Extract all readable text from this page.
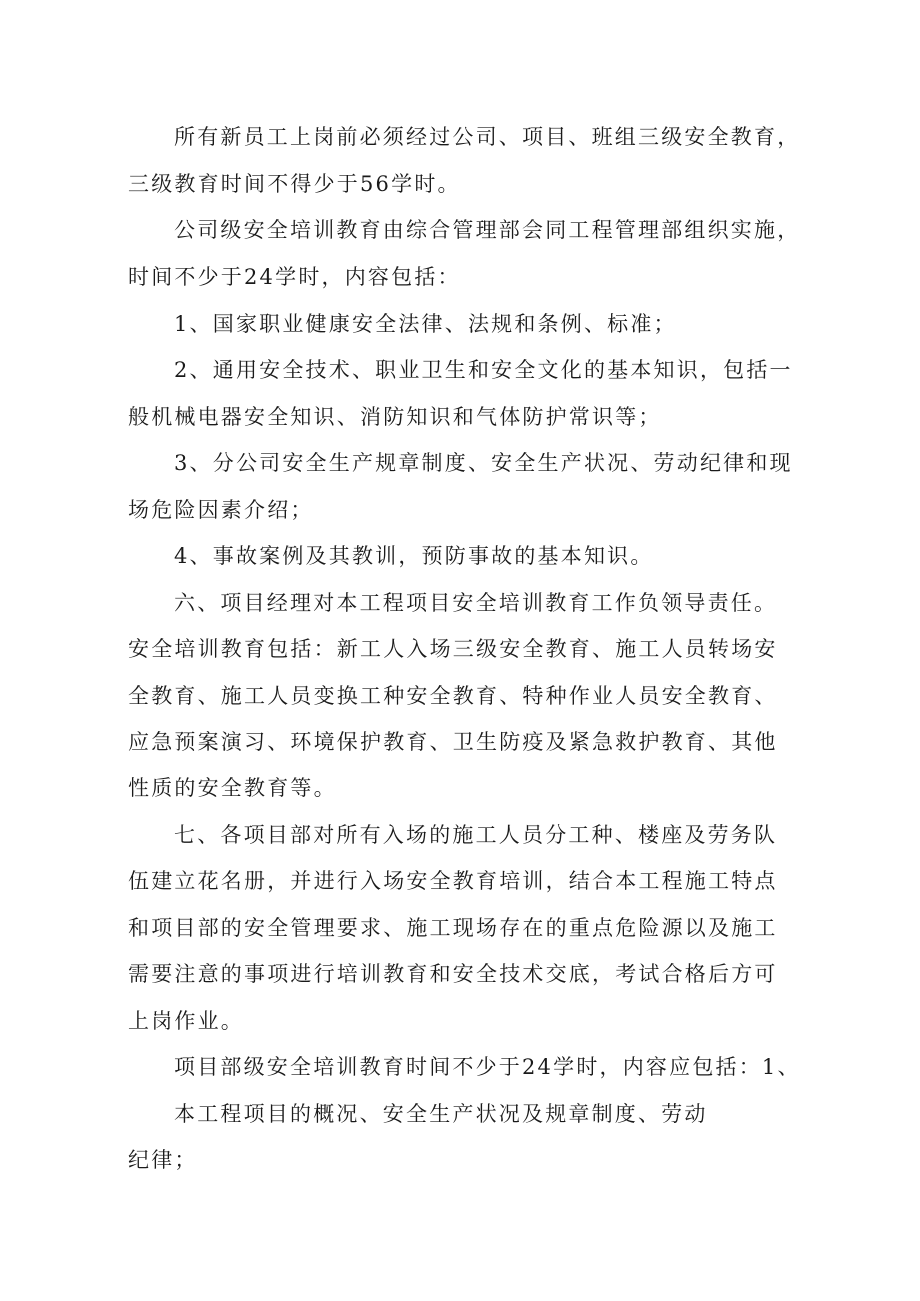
所有新员工上岗前必须经过公司、项目、班组三级安全教育，
三级教育时间不得少于56学时。
公司级安全培训教育由综合管理部会同工程管理部组织实施，
时间不少于24学时，内容包括：
1、国家职业健康安全法律、法规和条例、标准；
2、通用安全技术、职业卫生和安全文化的基本知识，包括一
般机械电器安全知识、消防知识和气体防护常识等；
3、分公司安全生产规章制度、安全生产状况、劳动纪律和现
场危险因素介绍；
4、事故案例及其教训，预防事故的基本知识。
六、项目经理对本工程项目安全培训教育工作负领导责任。
安全培训教育包括：新工人入场三级安全教育、施工人员转场安
全教育、施工人员变换工种安全教育、特种作业人员安全教育、
应急预案演习、环境保护教育、卫生防疫及紧急救护教育、其他
性质的安全教育等。
七、各项目部对所有入场的施工人员分工种、楼座及劳务队
伍建立花名册，并进行入场安全教育培训，结合本工程施工特点
和项目部的安全管理要求、施工现场存在的重点危险源以及施工
需要注意的事项进行培训教育和安全技术交底，考试合格后方可
上岗作业。
项目部级安全培训教育时间不少于24学时，内容应包括：1、
本工程项目的概况、安全生产状况及规章制度、劳动
纪律；
